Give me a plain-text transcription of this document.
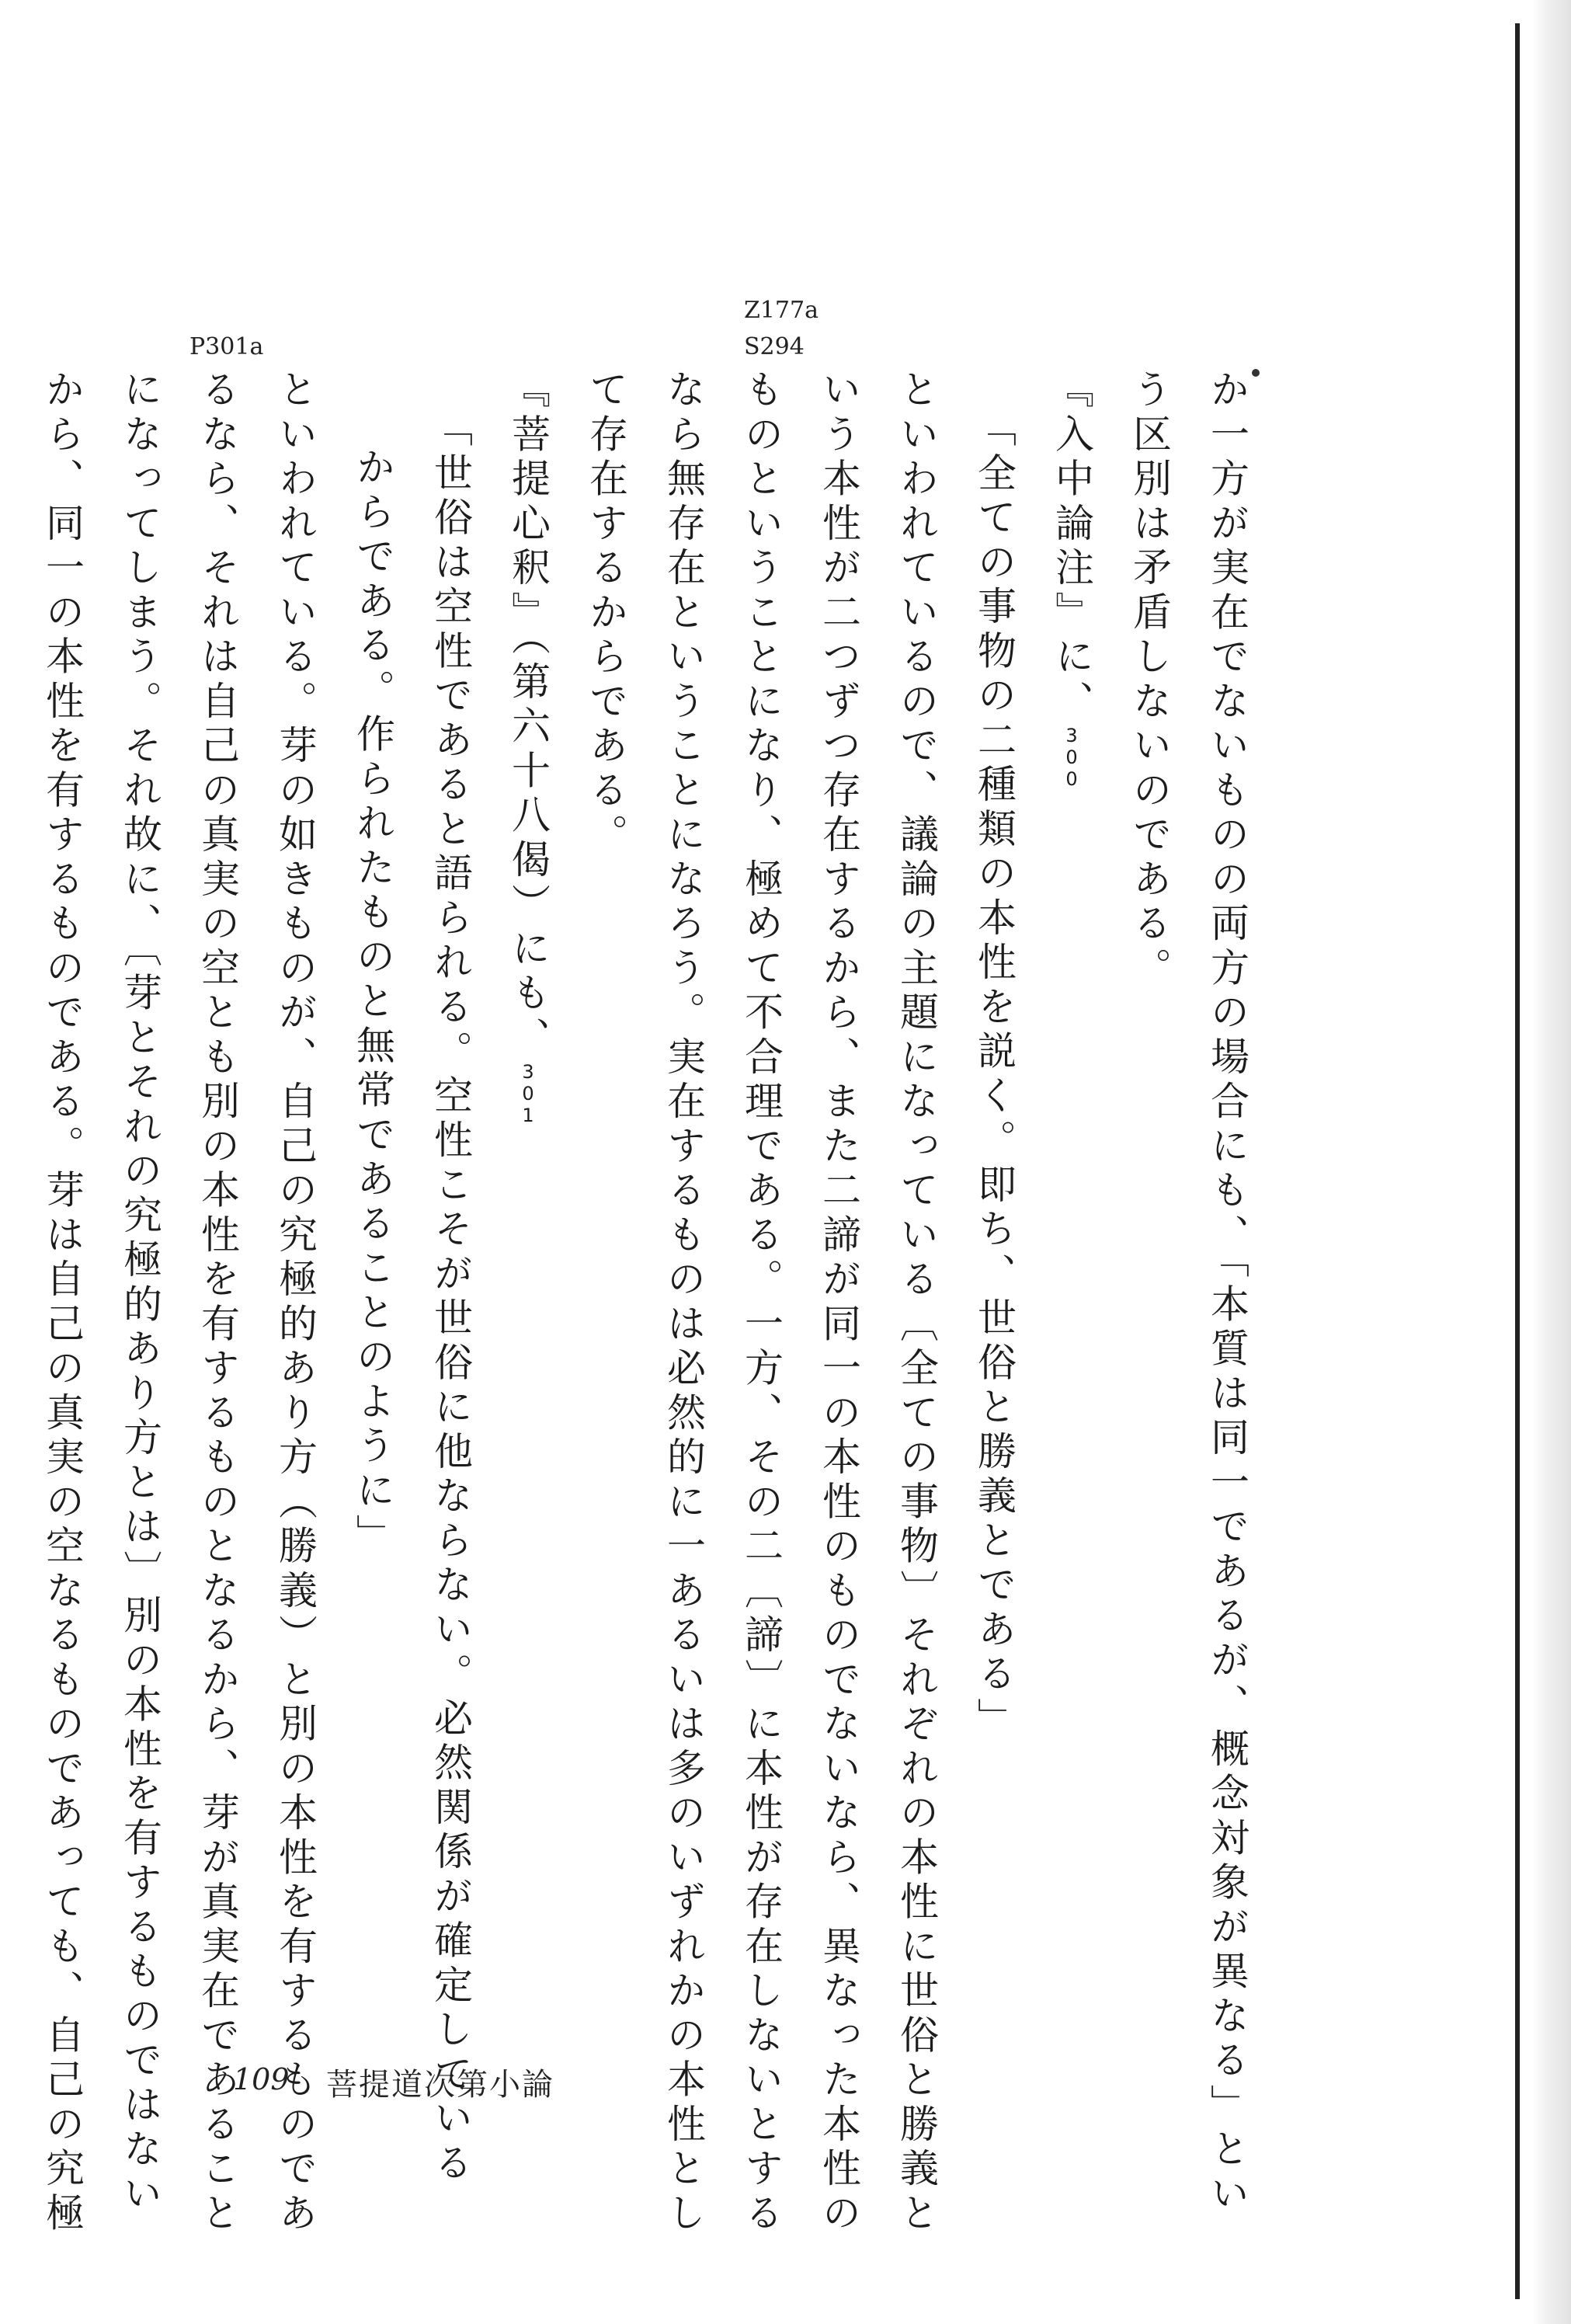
Z177a
S294
P301a
か一方が実在でないものの両方の場合にも、「本質は同一であるが、概念対象が異なる」とい
う区別は矛盾しないのである。
『入中論注』に、300
「全ての事物の二種類の本性を説く。即ち、世俗と勝義とである」
といわれているので、議論の主題になっている〔全ての事物〕それぞれの本性に世俗と勝義と
いう本性が二つずつ存在するから、また二諦が同一の本性のものでないなら、異なった本性の
ものということになり、極めて不合理である。一方、その二〔諦〕に本性が存在しないとする
なら無存在ということになろう。実在するものは必然的に一あるいは多のいずれかの本性とし
て存在するからである。
『菩提心釈』（第六十八偈）にも、301
「世俗は空性であると語られる。空性こそが世俗に他ならない。必然関係が確定している
からである。作られたものと無常であることのように」
といわれている。芽の如きものが、自己の究極的あり方（勝義）と別の本性を有するものであ
るなら、それは自己の真実の空とも別の本性を有するものとなるから、芽が真実在であること
になってしまう。それ故に、〔芽とそれの究極的あり方とは〕別の本性を有するものではない
から、同一の本性を有するものである。芽は自己の真実の空なるものであっても、自己の究極	109 菩提道次第小論
